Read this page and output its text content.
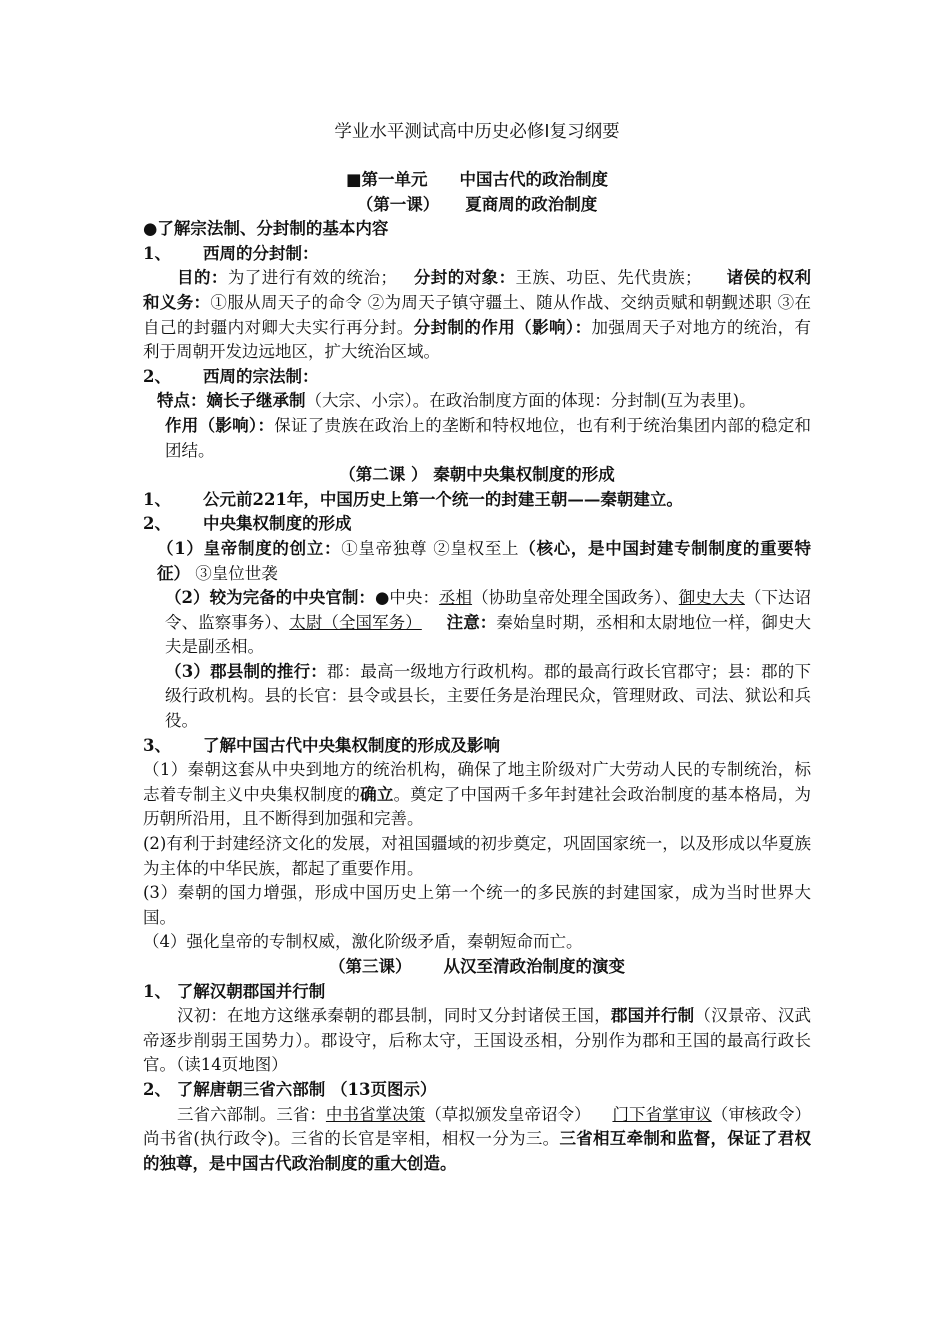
学业水平测试高中历史必修Ⅰ复习纲要
■第一单元 中国古代的政治制度
（第一课） 夏商周的政治制度

●了解宗法制、分封制的基本内容

1、 西周的分封制：

目的：为了进行有效的统治；  分封的对象：王族、功臣、先代贵族；   诸侯的权利和义务：①服从周天子的命令 ②为周天子镇守疆土、随从作战、交纳贡赋和朝觐述职 ③在自己的封疆内对卿大夫实行再分封。分封制的作用（影响）：加强周天子对地方的统治，有利于周朝开发边远地区，扩大统治区域。

2、 西周的宗法制：

特点：嫡长子继承制（大宗、小宗）。在政治制度方面的体现：分封制(互为表里)。

作用（影响）：保证了贵族在政治上的垄断和特权地位，也有利于统治集团内部的稳定和团结。

（第二课 ） 秦朝中央集权制度的形成

1、 公元前221年，中国历史上第一个统一的封建王朝——秦朝建立。

2、 中央集权制度的形成

（1）皇帝制度的创立：①皇帝独尊 ②皇权至上（核心，是中国封建专制制度的重要特征） ③皇位世袭

（2）较为完备的中央官制：●中央：丞相（协助皇帝处理全国政务）、御史大夫（下达诏令、监察事务）、太尉（全国军务）   注意：秦始皇时期，丞相和太尉地位一样，御史大夫是副丞相。

（3）郡县制的推行：郡：最高一级地方行政机构。郡的最高行政长官郡守；县：郡的下级行政机构。县的长官：县令或县长，主要任务是治理民众，管理财政、司法、狱讼和兵役。

3、 了解中国古代中央集权制度的形成及影响

（1）秦朝这套从中央到地方的统治机构，确保了地主阶级对广大劳动人民的专制统治，标志着专制主义中央集权制度的确立。奠定了中国两千多年封建社会政治制度的基本格局，为历朝所沿用，且不断得到加强和完善。

(2)有利于封建经济文化的发展，对祖国疆域的初步奠定，巩固国家统一，以及形成以华夏族为主体的中华民族，都起了重要作用。

(3）秦朝的国力增强，形成中国历史上第一个统一的多民族的封建国家，成为当时世界大国。

（4）强化皇帝的专制权威，激化阶级矛盾，秦朝短命而亡。

（第三课） 从汉至清政治制度的演变

1、 了解汉朝郡国并行制

汉初：在地方这继承秦朝的郡县制，同时又分封诸侯王国，郡国并行制（汉景帝、汉武帝逐步削弱王国势力）。郡设守，后称太守，王国设丞相，分别作为郡和王国的最高行政长官。（读14页地图）

2、 了解唐朝三省六部制 （13页图示）

三省六部制。三省：中书省掌决策（草拟颁发皇帝诏令）  门下省掌审议（审核政令） 尚书省(执行政令)。三省的长官是宰相，相权一分为三。三省相互牵制和监督，保证了君权的独尊，是中国古代政治制度的重大创造。
